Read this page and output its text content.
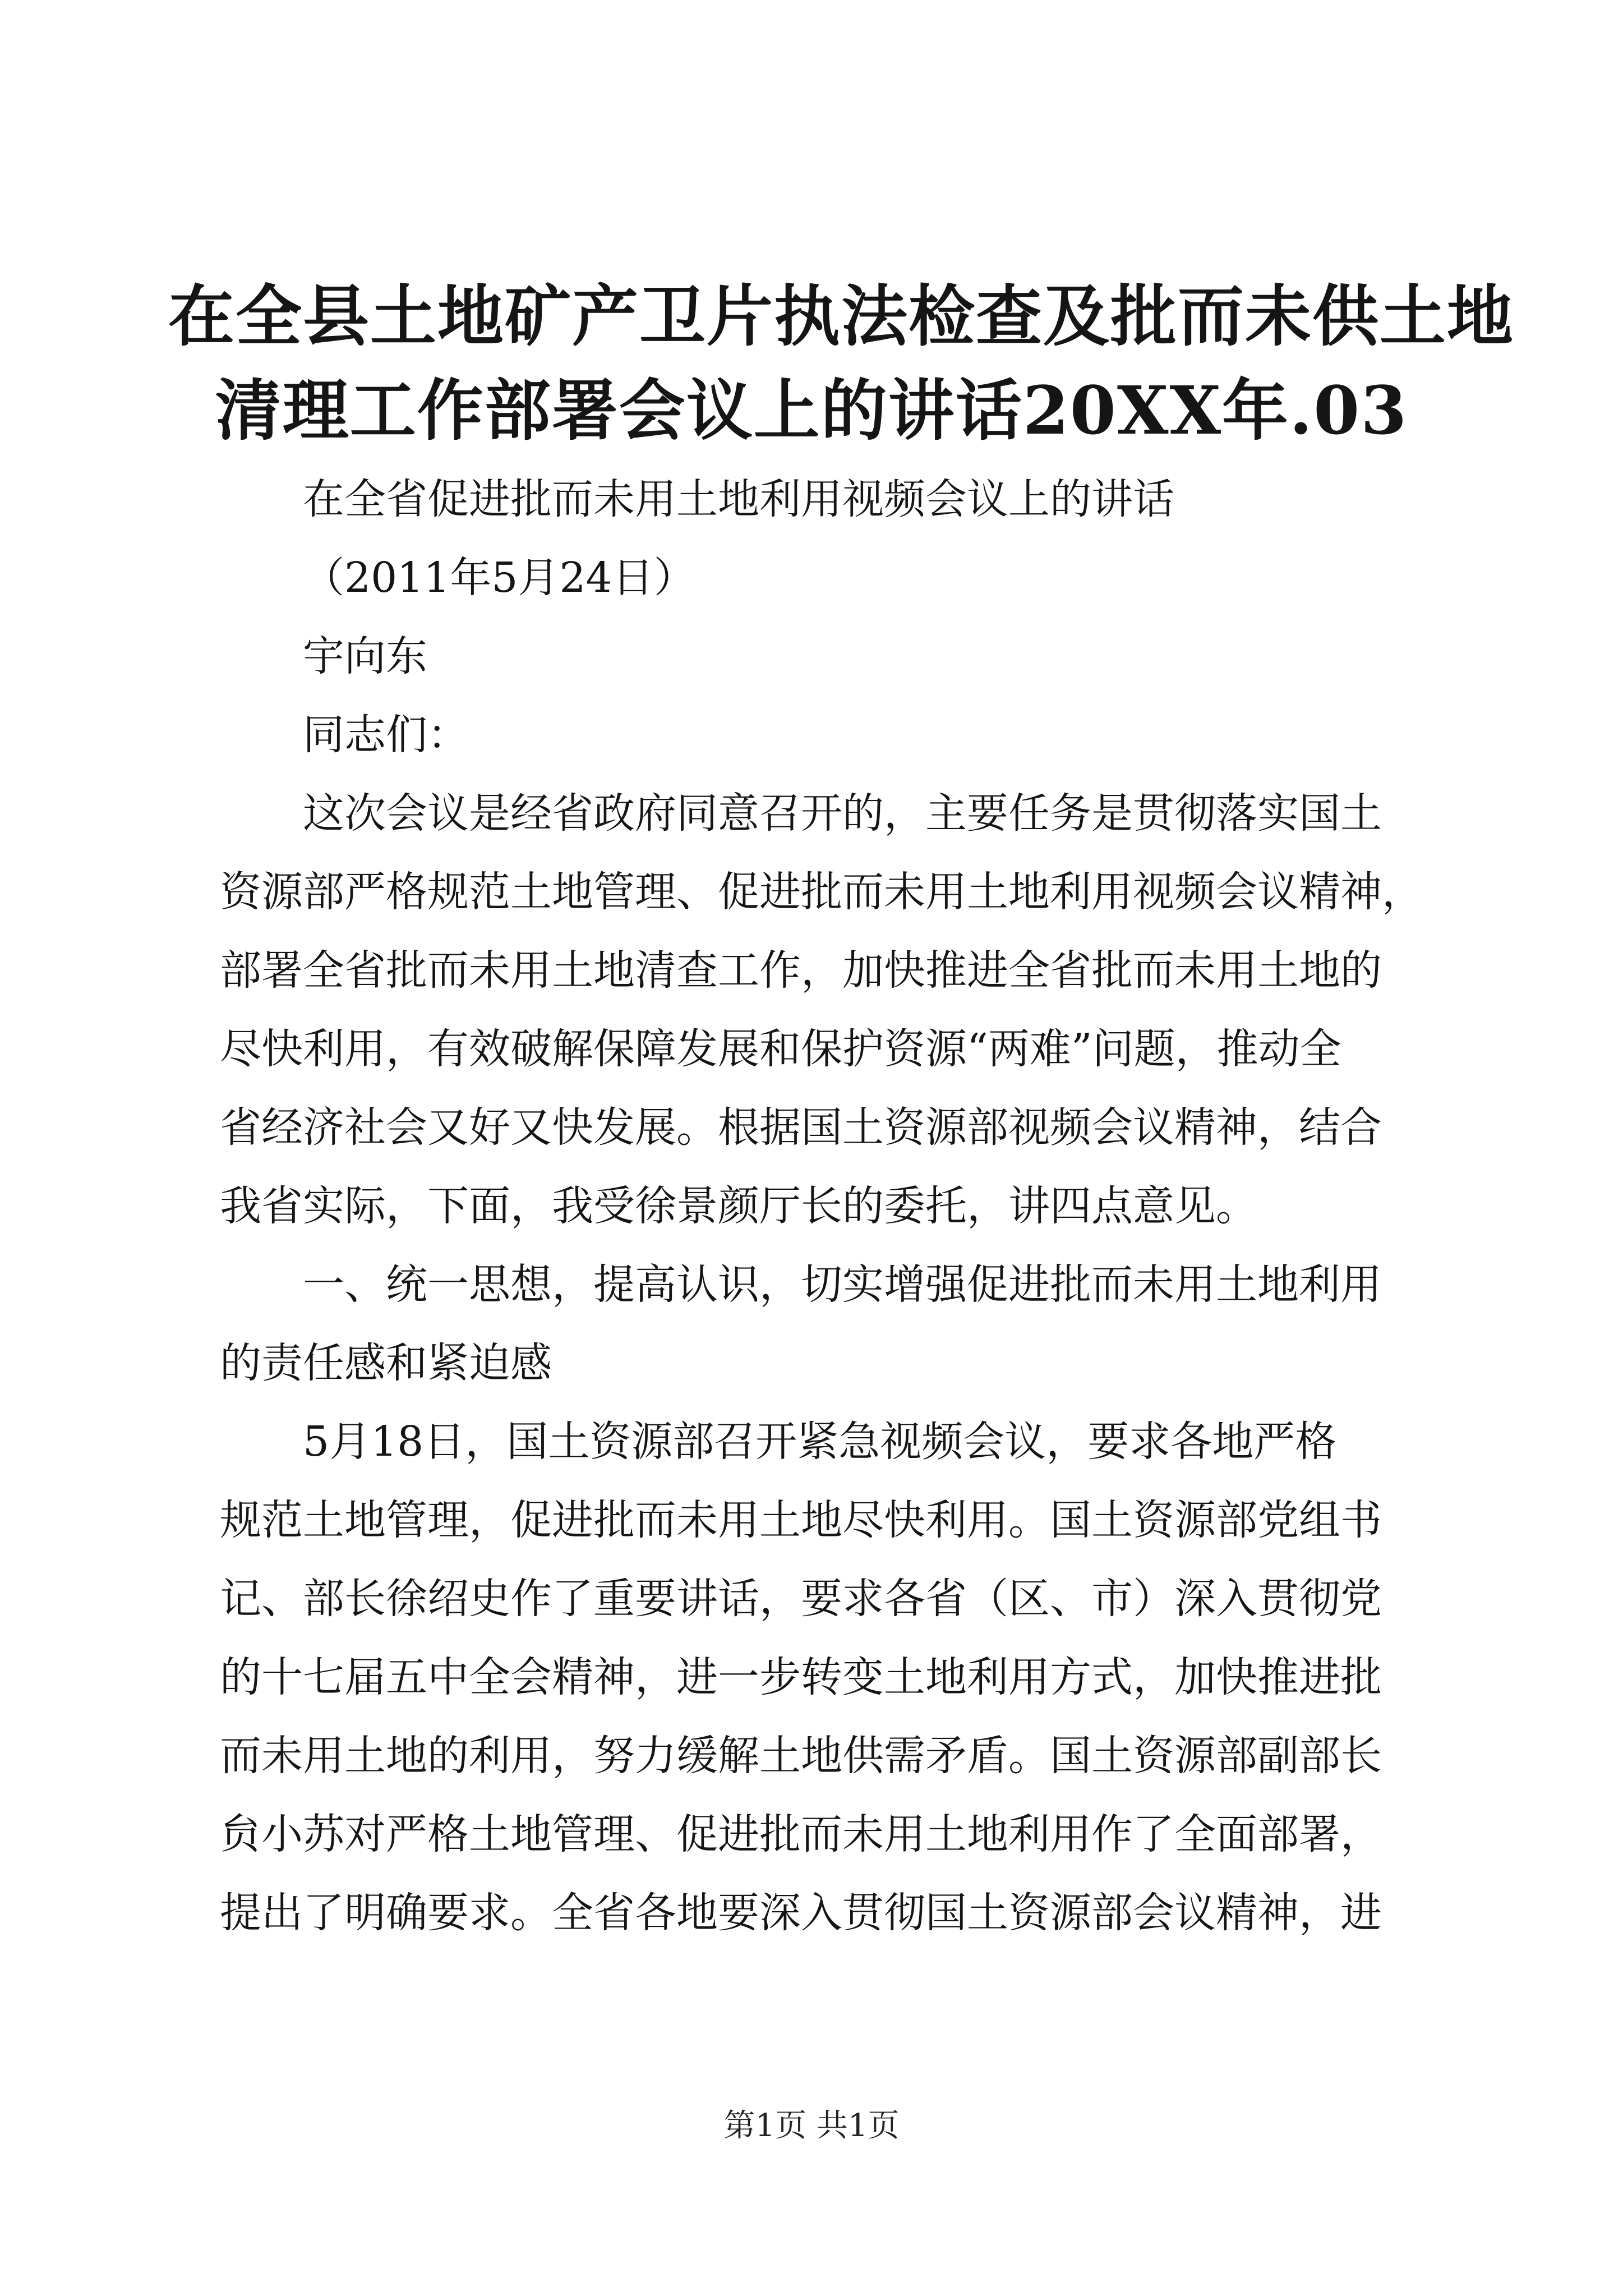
在全县土地矿产卫片执法检查及批而未供土地
清理工作部署会议上的讲话20XX年.03
在全省促进批而未用土地利用视频会议上的讲话
（2011年5月24日）
宇向东
同志们：
这次会议是经省政府同意召开的，主要任务是贯彻落实国土
资源部严格规范土地管理、促进批而未用土地利用视频会议精神，
部署全省批而未用土地清查工作，加快推进全省批而未用土地的
尽快利用，有效破解保障发展和保护资源“两难”问题，推动全
省经济社会又好又快发展。根据国土资源部视频会议精神，结合
我省实际，下面，我受徐景颜厅长的委托，讲四点意见。
一、统一思想，提高认识，切实增强促进批而未用土地利用
的责任感和紧迫感
5月18日，国土资源部召开紧急视频会议，要求各地严格
规范土地管理，促进批而未用土地尽快利用。国土资源部党组书
记、部长徐绍史作了重要讲话，要求各省（区、市）深入贯彻党
的十七届五中全会精神，进一步转变土地利用方式，加快推进批
而未用土地的利用，努力缓解土地供需矛盾。国土资源部副部长
贠小苏对严格土地管理、促进批而未用土地利用作了全面部署，
提出了明确要求。全省各地要深入贯彻国土资源部会议精神，进
第1页 共1页
